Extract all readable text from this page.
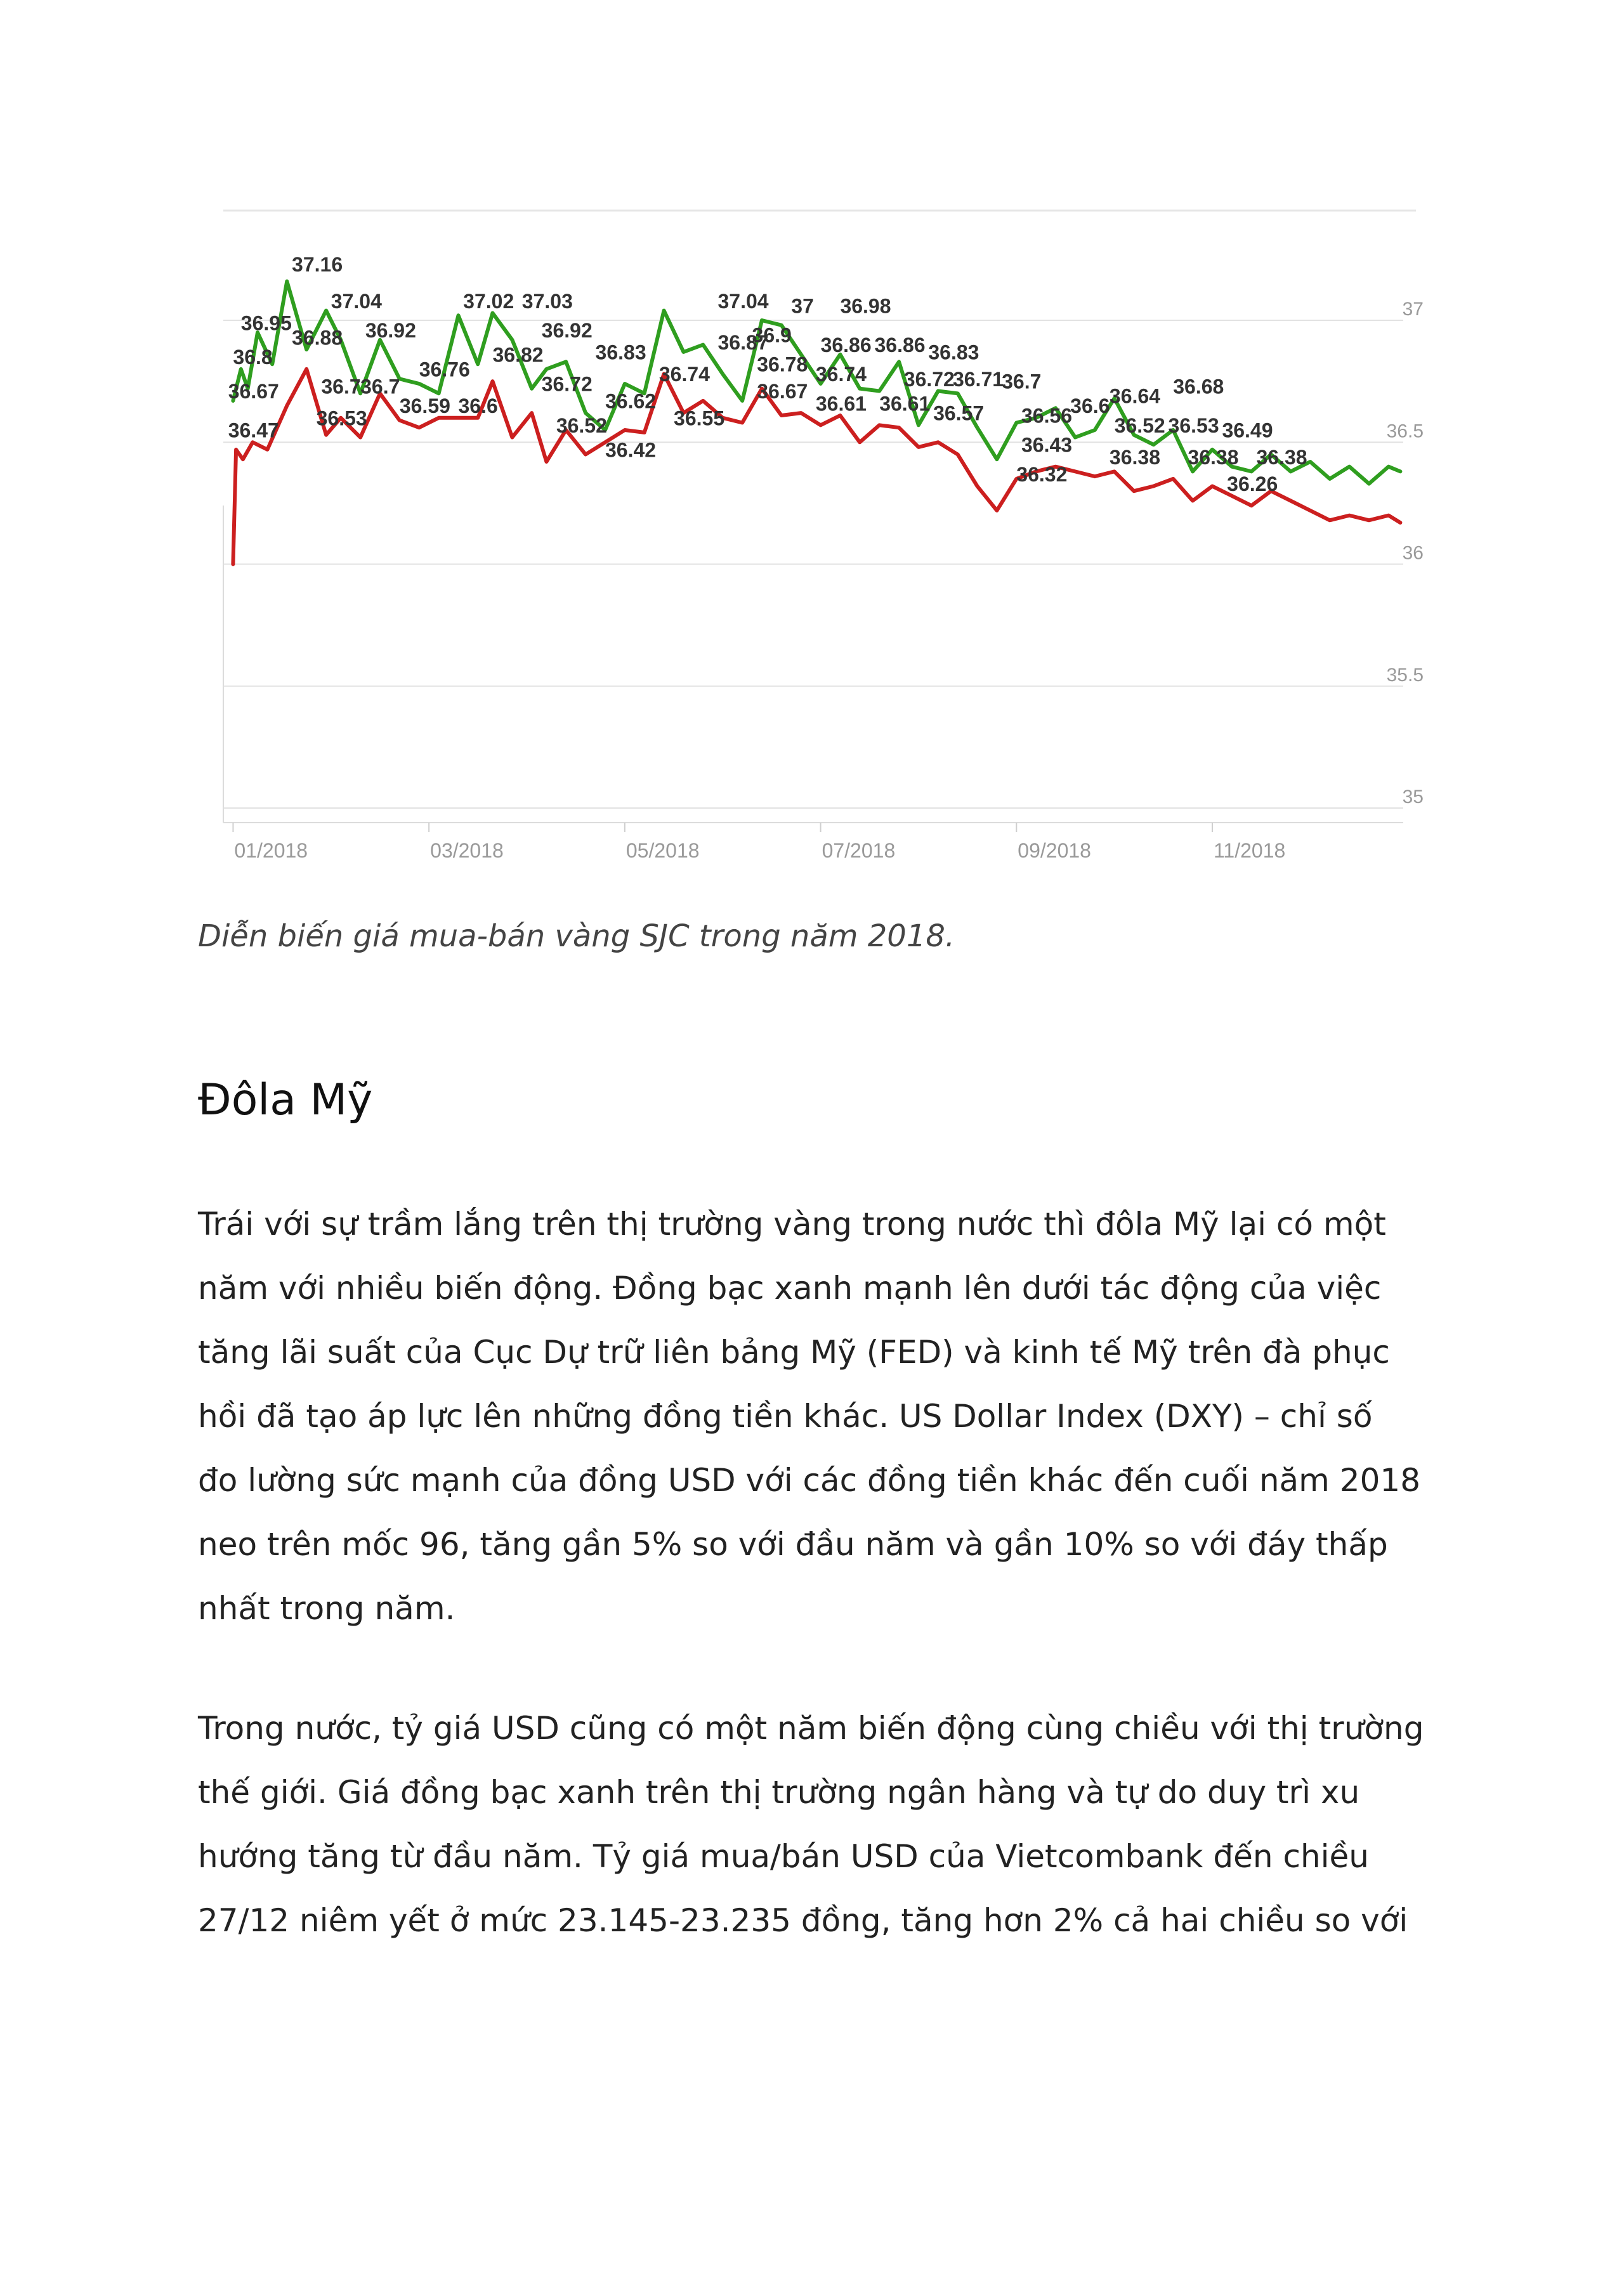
37
36.5
36
35.5
35
01/2018	03/2018	05/2018	07/2018	09/2018	11/2018
37.16
36.95
37.04
36.88 36.92
36.8
36.67
36.47
36.7 36.7
36.53
36.59
36.76
36.6
37.02 37.03
36.82
36.92
36.72
36.52
36.83
36.62
36.42
36.74
36.55
37.04
36.87
36.9
36.78
36.67
37 36.98
36.86 36.86
36.74
36.61 36.61
36.83
36.72
36.71
36.7
36.57 36.56
36.43
36.32
36.6 36.64
36.52
36.38
36.68
36.53 36.49
36.38 36.38
36.26
Diễn biến giá mua-bán vàng SJC trong năm 2018.
Đôla Mỹ
Trái với sự trầm lắng trên thị trường vàng trong nước thì đôla Mỹ lại có một
năm với nhiều biến động. Đồng bạc xanh mạnh lên dưới tác động của việc
tăng lãi suất của Cục Dự trữ liên bảng Mỹ (FED) và kinh tế Mỹ trên đà phục
hồi đã tạo áp lực lên những đồng tiền khác. US Dollar Index (DXY) – chỉ số
đo lường sức mạnh của đồng USD với các đồng tiền khác đến cuối năm 2018
neo trên mốc 96, tăng gần 5% so với đầu năm và gần 10% so với đáy thấp
nhất trong năm.
Trong nước, tỷ giá USD cũng có một năm biến động cùng chiều với thị trường
thế giới. Giá đồng bạc xanh trên thị trường ngân hàng và tự do duy trì xu
hướng tăng từ đầu năm. Tỷ giá mua/bán USD của Vietcombank đến chiều
27/12 niêm yết ở mức 23.145-23.235 đồng, tăng hơn 2% cả hai chiều so với
